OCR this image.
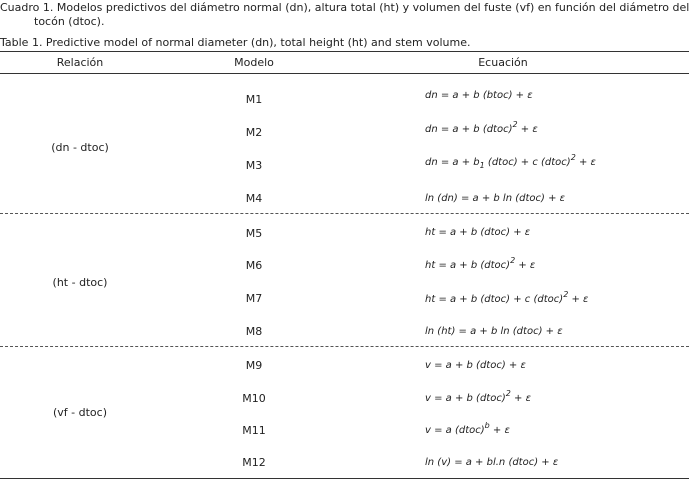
Cuadro 1. Modelos predictivos del diámetro normal (dn), altura total (ht) y volumen del fuste (vf) en función del diámetro del
tocón (dtoc).
Table 1. Predictive model of normal diameter (dn), total height (ht) and stem volume.
Relación	Modelo	Ecuación
(dn - dtoc)
M1	dn = a + b (btoc) + ε
M2	dn = a + b (dtoc)$^2$ + ε
M3	dn = $a + b_1$ (dtoc) + c (dtoc)$^2$ + ε
M4	ln (dn) = a + b ln (dtoc) + ε
(ht - dtoc)
M5	ht = a + b (dtoc) + ε
M6	ht = a + b (dtoc)$^2$ + ε
M7	ht = a + b (dtoc) + c (dtoc)$^2$ + ε
M8	ln (ht) = a + b ln (dtoc) + ε
(vf - dtoc)
M9	v = a + b (dtoc) + ε
M10	v = a + b (dtoc)$^2$ + ε
M11	v = a (dtoc)$^b$ + ε
M12	ln (v) = a + bl.n (dtoc) + ε
